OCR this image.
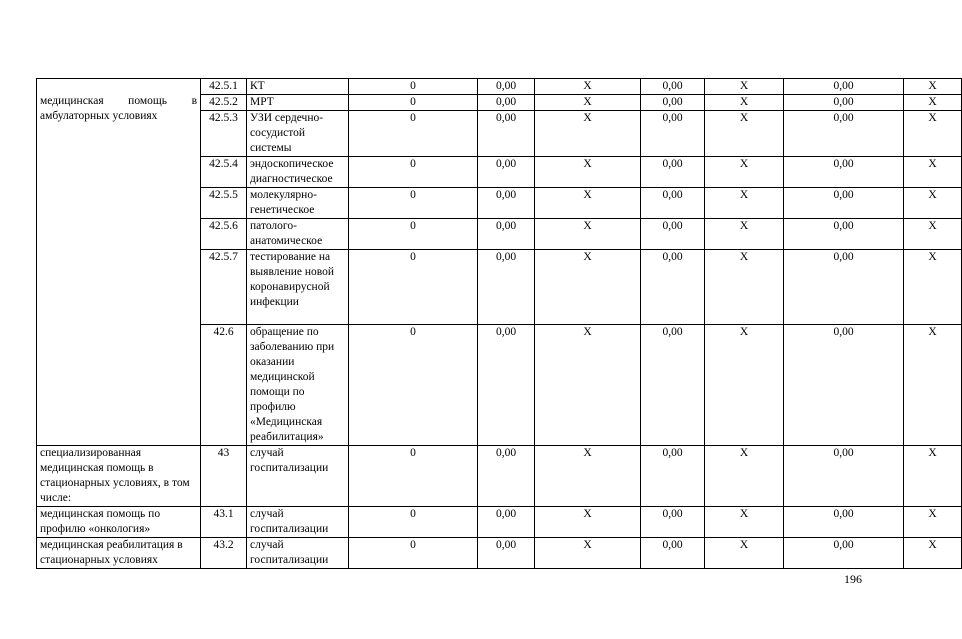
медицинская помощь в
амбулаторных условиях	42.5.1	КТ	0	0,00	Х	0,00	Х	0,00	Х
	42.5.2	МРТ	0	0,00	Х	0,00	Х	0,00	Х
	42.5.3	УЗИ сердечно-сосудистой системы	0	0,00	Х	0,00	Х	0,00	Х
	42.5.4	эндоскопическое диагностическое	0	0,00	Х	0,00	Х	0,00	Х
	42.5.5	молекулярно-генетическое	0	0,00	Х	0,00	Х	0,00	Х
	42.5.6	патолого-анатомическое	0	0,00	Х	0,00	Х	0,00	Х
	42.5.7	тестирование на выявление новой коронавирусной инфекции	0	0,00	Х	0,00	Х	0,00	Х
	42.6	обращение по заболеванию при оказании медицинской помощи по профилю «Медицинская реабилитация»	0	0,00	Х	0,00	Х	0,00	Х
специализированная медицинская помощь в стационарных условиях, в том числе:	43	случай госпитализации	0	0,00	Х	0,00	Х	0,00	Х
медицинская помощь по профилю «онкология»	43.1	случай госпитализации	0	0,00	Х	0,00	Х	0,00	Х
медицинская реабилитация в стационарных условиях	43.2	случай госпитализации	0	0,00	Х	0,00	Х	0,00	Х
196
